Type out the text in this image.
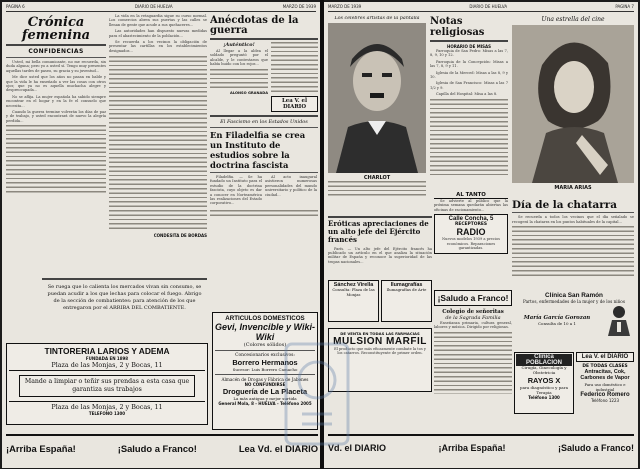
PAGINA 6	DIARIO DE HUELVA	MARZO DE 1939
Crónica femenina
CONFIDENCIAS

Usted, mi bella comunicante, no me recuerda, sin duda alguna; pero yo a usted sí. Tengo muy presentes aquellas tardes de paseo, su gracia y su juventud...

Me dice usted que los años no pasan en balde y que la vida le ha enseñado a ver las cosas con otros ojos; que ya no es aquella muchacha alegre y despreocupada...

No se aflija. La mujer española ha sabido siempre encontrar en el hogar y en la fe el consuelo que necesita...

Cuando la guerra termine volverán los días de paz y de trabajo, y usted encontrará de nuevo la alegría perdida...

La vida en la retaguardia sigue su curso normal. Los comercios abren sus puertas y las calles se llenan de gente que acude a sus quehaceres...

Las autoridades han dispuesto nuevas medidas para el abastecimiento de la población...

Se recuerda a los vecinos la obligación de presentar las cartillas en los establecimientos designados...

CONDESITA DE BORDAS
Anécdotas de la guerra
¡Auténtico!

Al llegar a la aldea el soldado preguntó por el alcalde, y le contestaron que había huido con los rojos...

ALONSO GRANADA
Lea V. el DIARIO
El Fascismo en los Estados Unidos
En Filadelfia se crea un Instituto de estudios sobre la doctrina fascista

Filadelfia. — Se ha fundado un Instituto para el estudio de la doctrina fascista, cuyo objeto es dar a conocer en Norteamérica las realizaciones del Estado corporativo...

Al acto inaugural asistieron numerosas personalidades del mundo universitario y político de la ciudad...

Se ruega que lo calienta los mercados vivan sin consumo, se puedan acudir a los que lechas para colocar el fuego. Abrigo de la sección de combatientes: para atención de los que entregaron por el ARRIBA DEL COMBATIENTE.
TINTORERIA LARIOS Y ADEMA
FUNDADA EN 1898
Plaza de las Monjas, 2 y Bocas, 11
Mande a limpiar o teñir sus prendas a esta casa que garantiza sus trabajos
Plaza de las Monjas, 2 y Bocas, 11
TELEFONO 1300
ARTICULOS DOMESTICOS
Gevi, Invencible y Wiki-Wiki
(Colores sólidos)
Concesionarios exclusivos:
Borrero Hermanos
Sucesor: Luis Borrero Camacho
Almacén de Drogas y Fábrica de Jabones
NO CONFUNDIRSE
Droguería de La Placeta
La más antigua y mejor surtida
General Mola, 8 - HUELVA - Teléfono 2005
¡Arriba España!	¡Saludo a Franco!	Lea Vd. el DIARIO
MARZO DE 1939	DIARIO DE HUELVA	PAGINA 7
Los célebres artistas de la pantalla
CHARLOT
Notas religiosas
HORARIO DE MISAS

Parroquia de San Pedro: Misas a las 7, 8, 9, 10 y 12.

Parroquia de la Concepción: Misas a las 7, 8, 9 y 11.

Iglesia de la Merced: Misas a las 8, 9 y 10.

Iglesia de San Francisco: Misas a las 7 1/2 y 9.

Capilla del Hospital: Misa a las 8.

Una estrella del cine
MARIA ARIAS
Eróticas apreciaciones de un alto jefe del Ejército francés

París. — Un alto jefe del Ejército francés ha publicado un artículo en el que analiza la situación militar de España y reconoce la superioridad de las tropas nacionales...

AL TANTO

Se advierte al público que la próxima semana quedarán abiertas las oficinas de racionamiento...

Calle Concha, 5
RECEPTORES
RADIO

Nuevos modelos 1939 a precios económicos. Reparaciones garantizadas.

Día de la chatarra

Se recuerda a todos los vecinos que el día señalado se recogerá la chatarra en los puntos habituales de la capital...

Sánchez Virella
Consulta: Plaza de las Monjas
Ilumagrafías
Ilumagrafías de Arte
DE VENTA EN TODAS LAS FARMACIAS
MULSION MARFIL

El producto que más eficazmente combate la tos y los catarros. Reconstituyente de primer orden.

¡Saludo a Franco!
Colegio de señoritas
de la Sagrada Familia

Enseñanza primaria, cultura general, labores y música. Dirigido por religiosas.

Clínica San Ramón
Partos, enfermedades de la mujer y de los niños
María García Gorozan
Consulta de 10 a 1
Clínica POBLACION
Cirugía, Ginecología y Obstetricia
RAYOS X
para diagnóstico y para Terapia
Teléfono 1300
Lea V. el DIARIO
DE TODAS CLASES
Antracitas, Cok, Carbones de Vapor
Para uso doméstico e industrial
Federico Romero
Teléfono 1223
Vd. el DIARIO	¡Arriba España!	¡Saludo a Franco!
